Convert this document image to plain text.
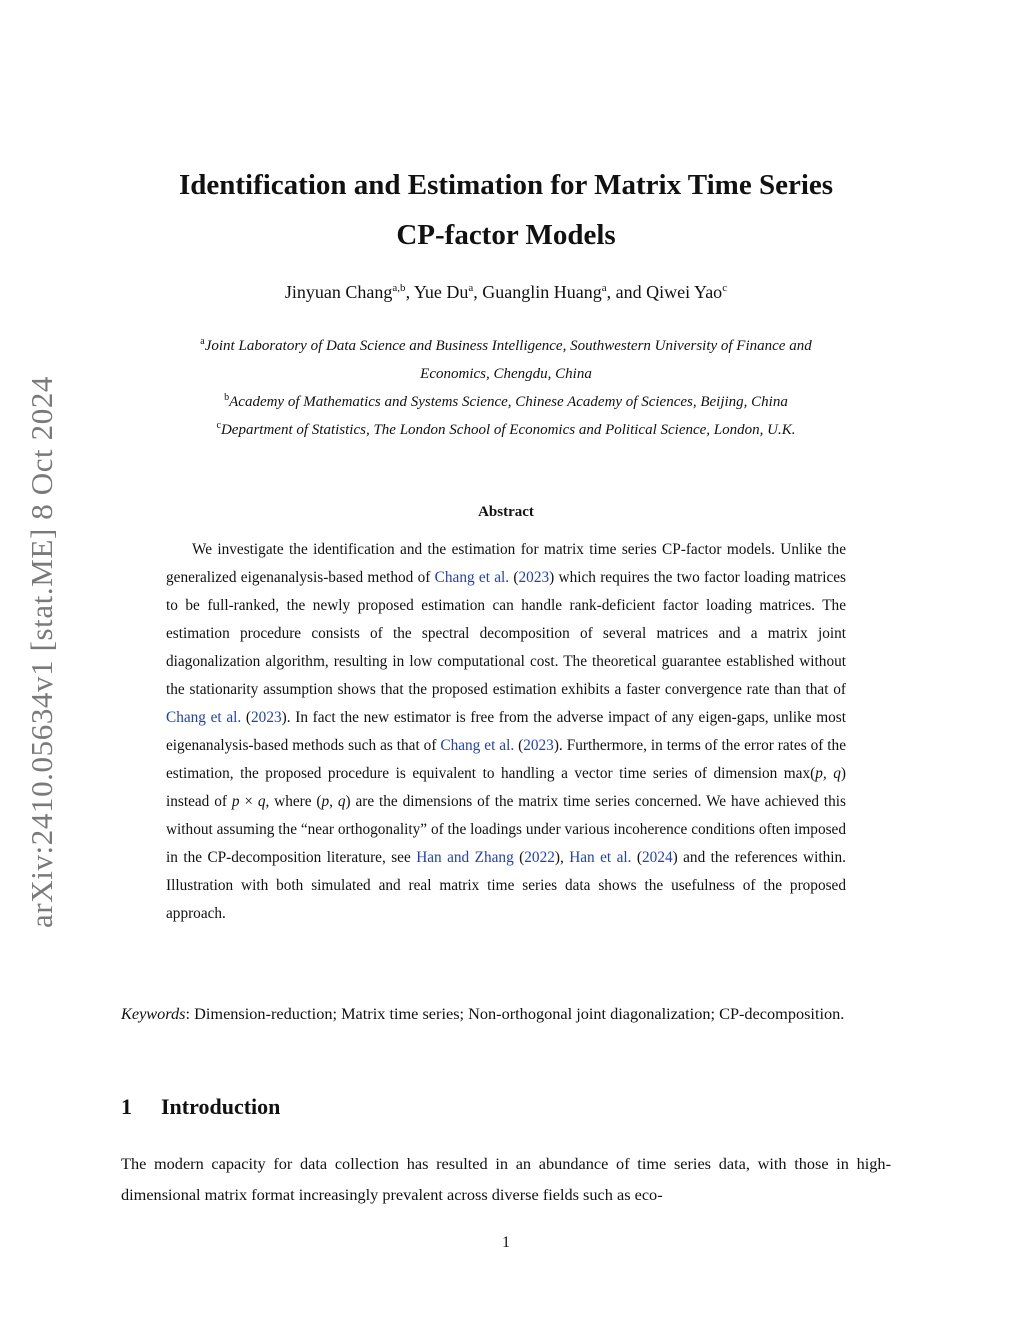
arXiv:2410.05634v1 [stat.ME] 8 Oct 2024
Identification and Estimation for Matrix Time Series
CP-factor Models
Jinyuan Chang$^{a,b}$, Yue Du$^a$, Guanglin Huang$^a$, and Qiwei Yao$^c$
$^a$Joint Laboratory of Data Science and Business Intelligence, Southwestern University of Finance and
Economics, Chengdu, China
$^b$Academy of Mathematics and Systems Science, Chinese Academy of Sciences, Beijing, China
$^c$Department of Statistics, The London School of Economics and Political Science, London, U.K.
Abstract
We investigate the identification and the estimation for matrix time series CP-factor models. Unlike the generalized eigenanalysis-based method of Chang et al. (2023) which requires the two factor loading matrices to be full-ranked, the newly proposed estimation can handle rank-deficient factor loading matrices. The estimation procedure consists of the spectral decomposition of several matrices and a matrix joint diagonalization algorithm, resulting in low computational cost. The theoretical guarantee established without the stationarity assumption shows that the proposed estimation exhibits a faster convergence rate than that of Chang et al. (2023). In fact the new estimator is free from the adverse impact of any eigen-gaps, unlike most eigenanalysis-based methods such as that of Chang et al. (2023). Furthermore, in terms of the error rates of the estimation, the proposed procedure is equivalent to handling a vector time series of dimension max(p, q) instead of p × q, where (p, q) are the dimensions of the matrix time series concerned. We have achieved this without assuming the “near orthogonality” of the loadings under various incoherence conditions often imposed in the CP-decomposition literature, see Han and Zhang (2022), Han et al. (2024) and the references within. Illustration with both simulated and real matrix time series data shows the usefulness of the proposed approach.
Keywords: Dimension-reduction; Matrix time series; Non-orthogonal joint diagonalization; CP-decomposition.
1 Introduction
The modern capacity for data collection has resulted in an abundance of time series data, with those in high-dimensional matrix format increasingly prevalent across diverse fields such as eco-
1
